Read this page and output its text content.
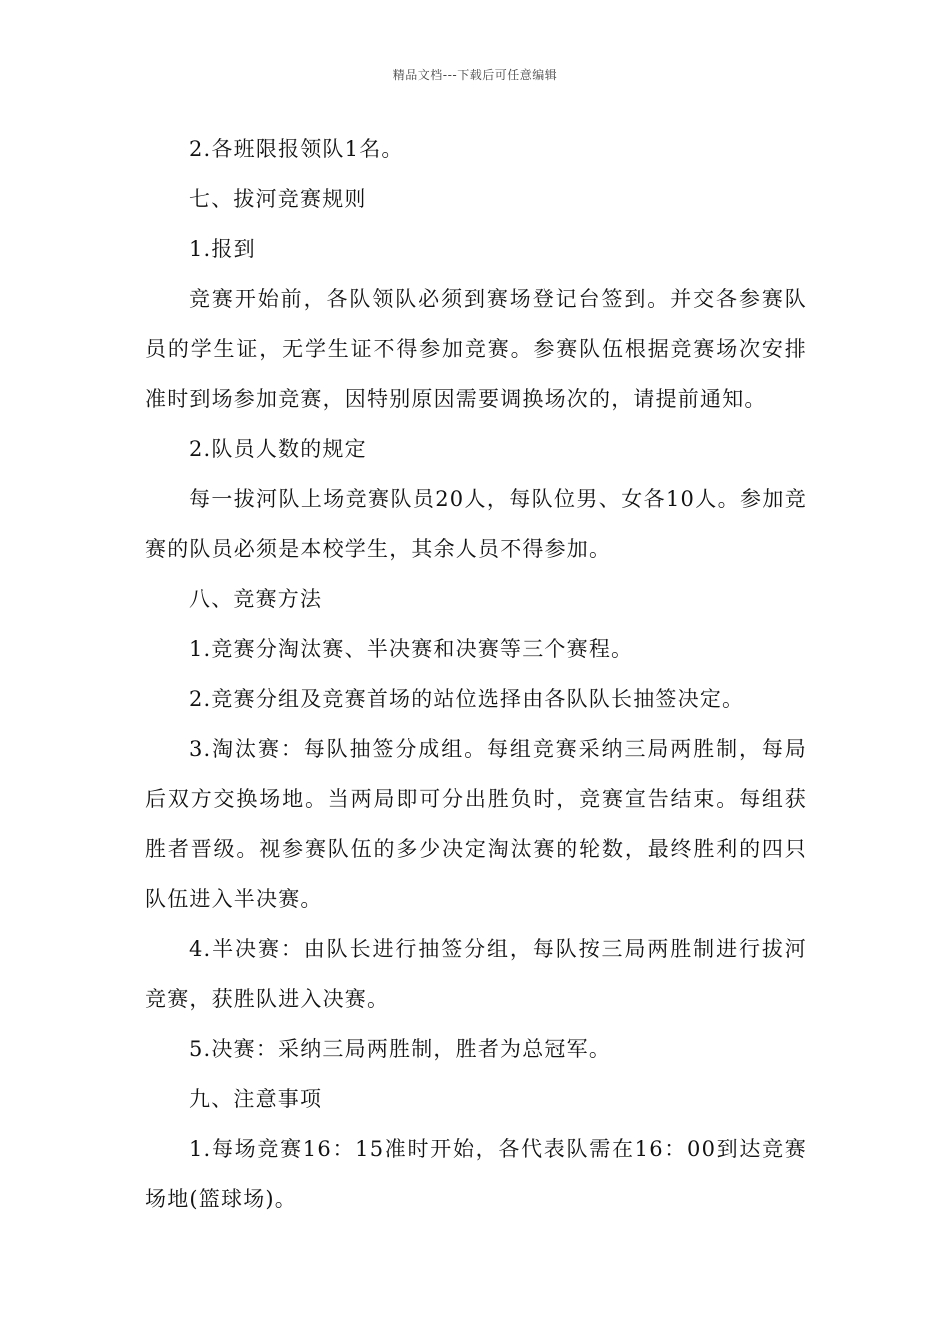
精品文档---下载后可任意编辑

2.各班限报领队1名。

七、拔河竞赛规则

1.报到

竞赛开始前，各队领队必须到赛场登记台签到。并交各参赛队员的学生证，无学生证不得参加竞赛。参赛队伍根据竞赛场次安排准时到场参加竞赛，因特别原因需要调换场次的，请提前通知。

2.队员人数的规定

每一拔河队上场竞赛队员20人，每队位男、女各10人。参加竞赛的队员必须是本校学生，其余人员不得参加。

八、竞赛方法

1.竞赛分淘汰赛、半决赛和决赛等三个赛程。

2.竞赛分组及竞赛首场的站位选择由各队队长抽签决定。

3.淘汰赛：每队抽签分成组。每组竞赛采纳三局两胜制，每局后双方交换场地。当两局即可分出胜负时，竞赛宣告结束。每组获胜者晋级。视参赛队伍的多少决定淘汰赛的轮数，最终胜利的四只队伍进入半决赛。

4.半决赛：由队长进行抽签分组，每队按三局两胜制进行拔河竞赛，获胜队进入决赛。

5.决赛：采纳三局两胜制，胜者为总冠军。

九、注意事项

1.每场竞赛16：15准时开始，各代表队需在16：00到达竞赛场地(篮球场)。
